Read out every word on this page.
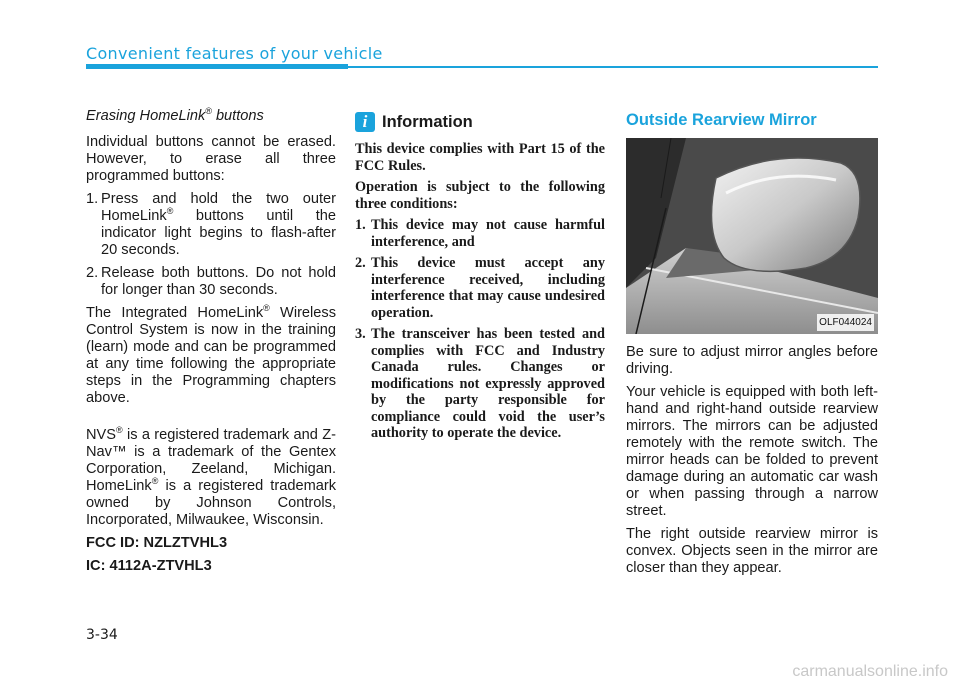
Convenient features of your vehicle
Erasing HomeLink® buttons

Individual buttons cannot be erased. However, to erase all three programmed buttons:

1. Press and hold the two outer HomeLink® buttons until the indicator light begins to flash-after 20 seconds.
2. Release both buttons. Do not hold for longer than 30 seconds.

The Integrated HomeLink® Wireless Control System is now in the training (learn) mode and can be programmed at any time following the appropriate steps in the Programming chapters above.

NVS® is a registered trademark and Z-Nav™ is a trademark of the Gentex Corporation, Zeeland, Michigan. HomeLink® is a registered trademark owned by Johnson Controls, Incorporated, Milwaukee, Wisconsin.

FCC ID: NZLZTVHL3
IC: 4112A-ZTVHL3
i Information

This device complies with Part 15 of the FCC Rules.

Operation is subject to the following three conditions:

1. This device may not cause harmful interference, and
2. This device must accept any interference received, including interference that may cause undesired operation.
3. The transceiver has been tested and complies with FCC and Industry Canada rules. Changes or modifications not expressly approved by the party responsible for compliance could void the user’s authority to operate the device.
Outside Rearview Mirror
OLF044024

Be sure to adjust mirror angles before driving.

Your vehicle is equipped with both left-hand and right-hand outside rearview mirrors. The mirrors can be adjusted remotely with the remote switch. The mirror heads can be folded to prevent damage during an automatic car wash or when passing through a narrow street.

The right outside rearview mirror is convex. Objects seen in the mirror are closer than they appear.

3-34
carmanualsonline.info
